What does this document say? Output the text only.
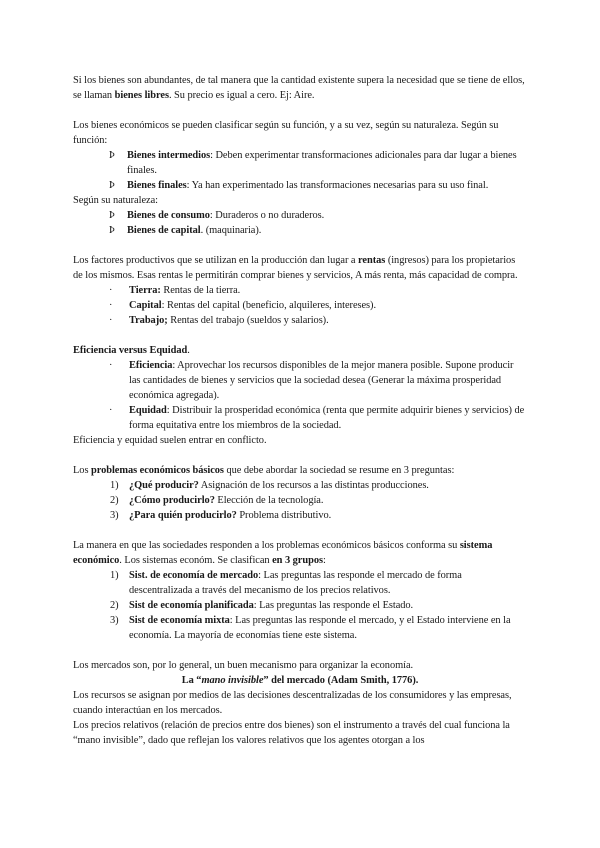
Si los bienes son abundantes, de tal manera que la cantidad existente supera la necesidad que se tiene de ellos, se llaman bienes libres. Su precio es igual a cero. Ej: Aire.

Los bienes económicos se pueden clasificar según su función, y a su vez, según su naturaleza. Según su función:

Þ Bienes intermedios: Deben experimentar transformaciones adicionales para dar lugar a bienes finales.
Þ Bienes finales: Ya han experimentado las transformaciones necesarias para su uso final.

Según su naturaleza:

Þ Bienes de consumo: Duraderos o no duraderos.
Þ Bienes de capital. (maquinaria).

Los factores productivos que se utilizan en la producción dan lugar a rentas (ingresos) para los propietarios de los mismos. Esas rentas le permitirán comprar bienes y servicios, A más renta, más capacidad de compra.

· Tierra: Rentas de la tierra.
· Capital: Rentas del capital (beneficio, alquileres, intereses).
· Trabajo; Rentas del trabajo (sueldos y salarios).

Eficiencia versus Equidad.

· Eficiencia: Aprovechar los recursos disponibles de la mejor manera posible. Supone producir las cantidades de bienes y servicios que la sociedad desea (Generar la máxima prosperidad económica agregada).
· Equidad: Distribuir la prosperidad económica (renta que permite adquirir bienes y servicios) de forma equitativa entre los miembros de la sociedad.

Eficiencia y equidad suelen entrar en conflicto.

Los problemas económicos básicos que debe abordar la sociedad se resume en 3 preguntas:

1) ¿Qué producir? Asignación de los recursos a las distintas producciones.
2) ¿Cómo producirlo? Elección de la tecnología.
3) ¿Para quién producirlo? Problema distributivo.

La manera en que las sociedades responden a los problemas económicos básicos conforma su sistema económico. Los sistemas económ. Se clasifican en 3 grupos:

1) Sist. de economía de mercado: Las preguntas las responde el mercado de forma descentralizada a través del mecanismo de los precios relativos.
2) Sist de economía planificada: Las preguntas las responde el Estado.
3) Sist de economía mixta: Las preguntas las responde el mercado, y el Estado interviene en la economía. La mayoría de economías tiene este sistema.

Los mercados son, por lo general, un buen mecanismo para organizar la economía.

La “mano invisible” del mercado (Adam Smith, 1776).

Los recursos se asignan por medios de las decisiones descentralizadas de los consumidores y las empresas, cuando interactúan en los mercados.

Los precios relativos (relación de precios entre dos bienes) son el instrumento a través del cual funciona la “mano invisible”, dado que reflejan los valores relativos que los agentes otorgan a los
